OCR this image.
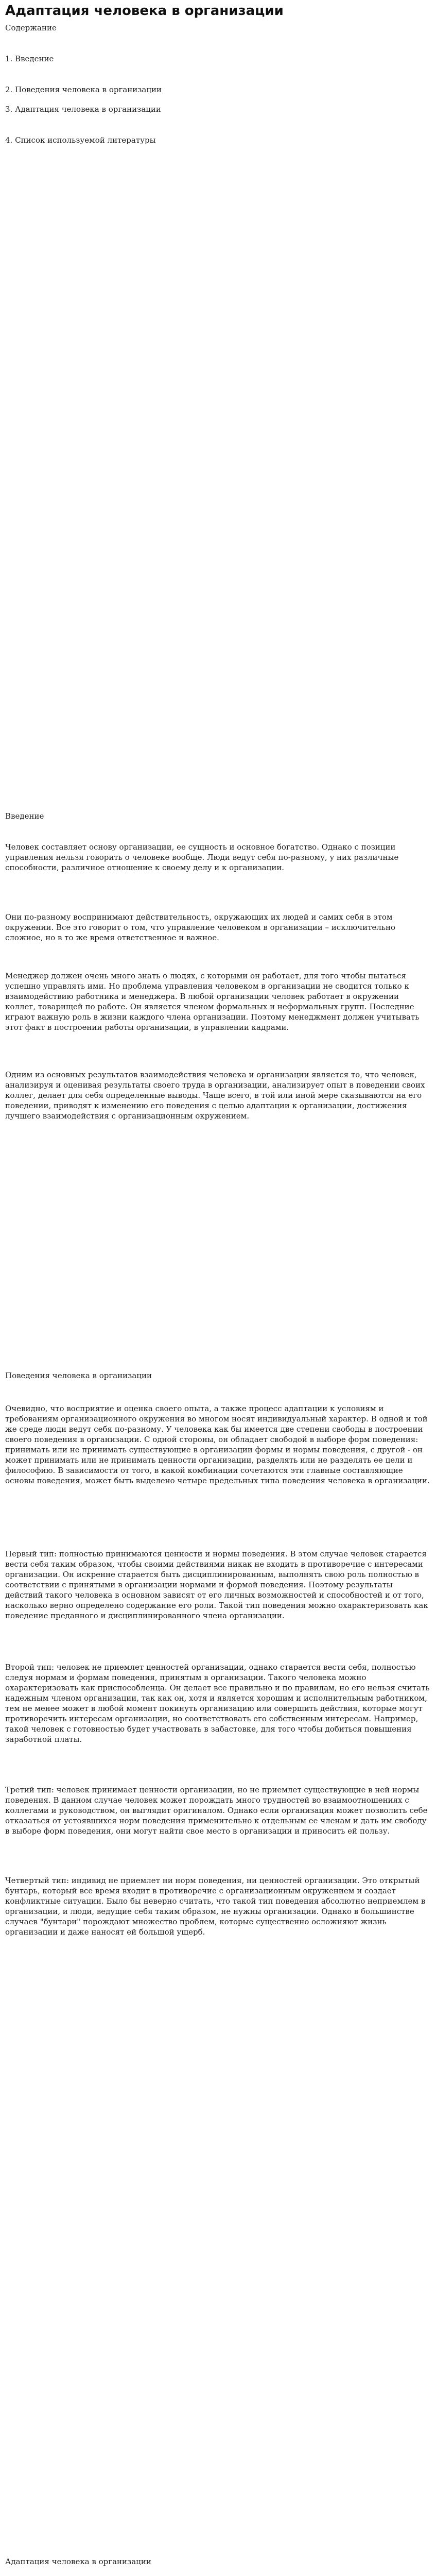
Адаптация человека в организации

Содержание

1. Введение

2. Поведения человека в организации

3. Адаптация человека в организации

4. Список используемой литературы

Введение

Человек составляет основу организации, ее сущность и основное богатство. Однако с позиции управления нельзя говорить о человеке вообще. Люди ведут себя по-разному, у них различные способности, различное отношение к своему делу и к организации.

Они по-разному воспринимают действительность, окружающих их людей и самих себя в этом окружении. Все это говорит о том, что управление человеком в организации – исключительно сложное, но в то же время ответственное и важное.

Менеджер должен очень много знать о людях, с которыми он работает, для того чтобы пытаться успешно управлять ими. Но проблема управления человеком в организации не сводится только к взаимодействию работника и менеджера. В любой организации человек работает в окружении коллег, товарищей по работе. Он является членом формальных и неформальных групп. Последние играют важную роль в жизни каждого члена организации. Поэтому менеджмент должен учитывать этот факт в построении работы организации, в управлении кадрами.

Одним из основных результатов взаимодействия человека и организации является то, что человек, анализируя и оценивая результаты своего труда в организации, анализирует опыт в поведении своих коллег, делает для себя определенные выводы. Чаще всего, в той или иной мере сказываются на его поведении, приводят к изменению его поведения с целью адаптации к организации, достижения лучшего взаимодействия с организационным окружением.

Поведения человека в организации

Очевидно, что восприятие и оценка своего опыта, а также процесс адаптации к условиям и требованиям организационного окружения во многом носят индивидуальный характер. В одной и той же среде люди ведут себя по-разному. У человека как бы имеется две степени свободы в построении своего поведения в организации. С одной стороны, он обладает свободой в выборе форм поведения: принимать или не принимать существующие в организации формы и нормы поведения, с другой - он может принимать или не принимать ценности организации, разделять или не разделять ее цели и философию. В зависимости от того, в какой комбинации сочетаются эти главные составляющие основы поведения, может быть выделено четыре предельных типа поведения человека в организации.

Первый тип: полностью принимаются ценности и нормы поведения. В этом случае человек старается вести себя таким образом, чтобы своими действиями никак не входить в противоречие с интересами организации. Он искренне старается быть дисциплинированным, выполнять свою роль полностью в соответствии с принятыми в организации нормами и формой поведения. Поэтому результаты действий такого человека в основном зависят от его личных возможностей и способностей и от того, насколько верно определено содержание его роли. Такой тип поведения можно охарактеризовать как поведение преданного и дисциплинированного члена организации.

Второй тип: человек не приемлет ценностей организации, однако старается вести себя, полностью следуя нормам и формам поведения, принятым в организации. Такого человека можно охарактеризовать как приспособленца. Он делает все правильно и по правилам, но его нельзя считать надежным членом организации, так как он, хотя и является хорошим и исполнительным работником, тем не менее может в любой момент покинуть организацию или совершить действия, которые могут противоречить интересам организации, но соответствовать его собственным интересам. Например, такой человек с готовностью будет участвовать в забастовке, для того чтобы добиться повышения заработной платы.

Третий тип: человек принимает ценности организации, но не приемлет существующие в ней нормы поведения. В данном случае человек может порождать много трудностей во взаимоотношениях с коллегами и руководством, он выглядит оригиналом. Однако если организация может позволить себе отказаться от устоявшихся норм поведения применительно к отдельным ее членам и дать им свободу в выборе форм поведения, они могут найти свое место в организации и приносить ей пользу.

Четвертый тип: индивид не приемлет ни норм поведения, ни ценностей организации. Это открытый бунтарь, который все время входит в противоречие с организационным окружением и создает конфликтные ситуации. Было бы неверно считать, что такой тип поведения абсолютно неприемлем в организации, и люди, ведущие себя таким образом, не нужны организации. Однако в большинстве случаев "бунтари" порождают множество проблем, которые существенно осложняют жизнь организации и даже наносят ей большой ущерб.

Адаптация человека в организации
